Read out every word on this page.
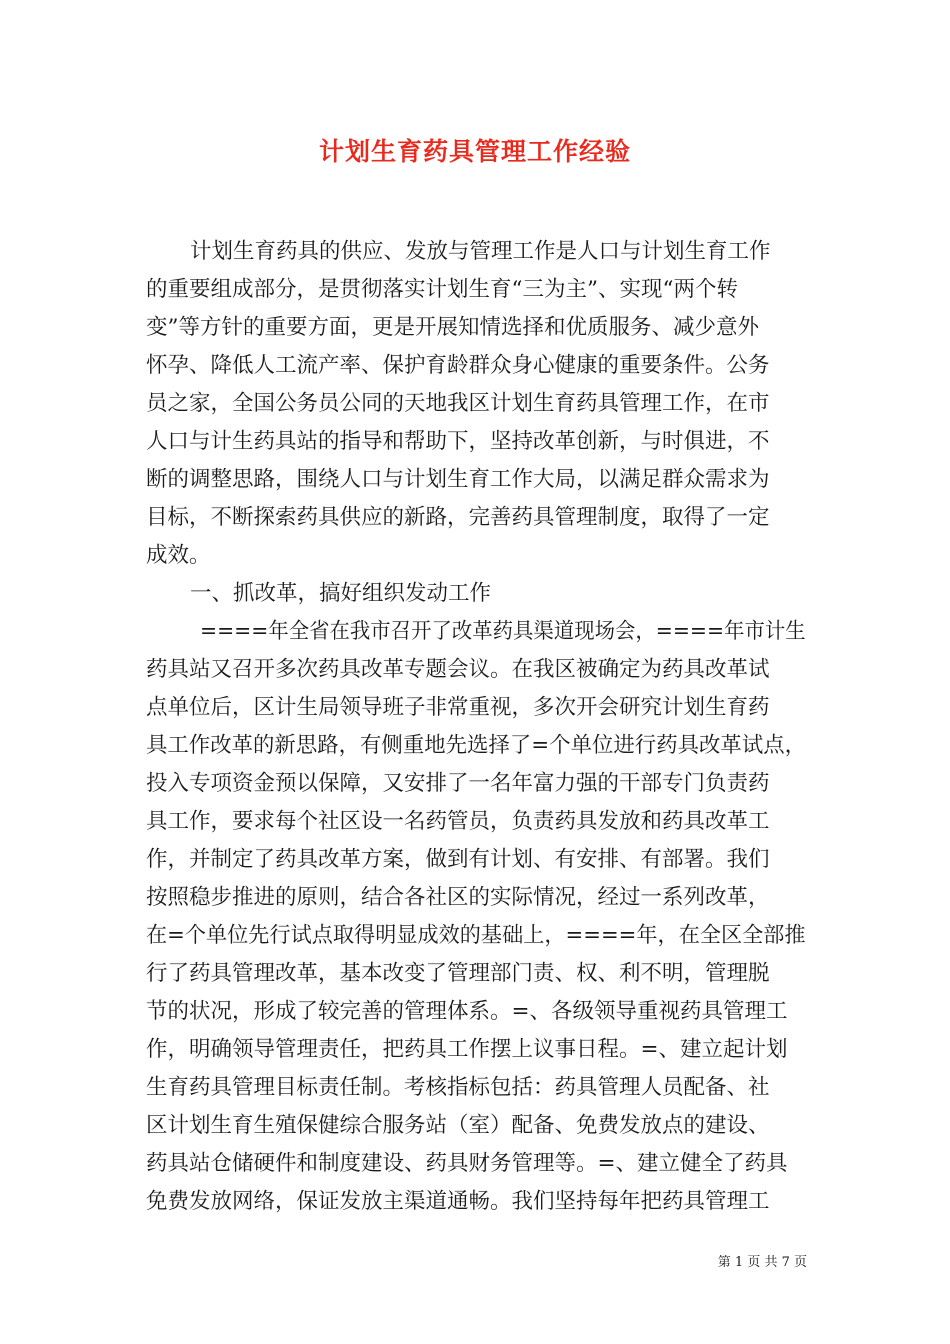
计划生育药具管理工作经验
计划生育药具的供应、发放与管理工作是人口与计划生育工作
的重要组成部分，是贯彻落实计划生育“三为主”、实现“两个转
变”等方针的重要方面，更是开展知情选择和优质服务、减少意外
怀孕、降低人工流产率、保护育龄群众身心健康的重要条件。公务
员之家，全国公务员公同的天地我区计划生育药具管理工作，在市
人口与计生药具站的指导和帮助下，坚持改革创新，与时俱进，不
断的调整思路，围绕人口与计划生育工作大局，以满足群众需求为
目标，不断探索药具供应的新路，完善药具管理制度，取得了一定
成效。
一、抓改革，搞好组织发动工作
====年全省在我市召开了改革药具渠道现场会，====年市计生
药具站又召开多次药具改革专题会议。在我区被确定为药具改革试
点单位后，区计生局领导班子非常重视，多次开会研究计划生育药
具工作改革的新思路，有侧重地先选择了=个单位进行药具改革试点，
投入专项资金预以保障，又安排了一名年富力强的干部专门负责药
具工作，要求每个社区设一名药管员，负责药具发放和药具改革工
作，并制定了药具改革方案，做到有计划、有安排、有部署。我们
按照稳步推进的原则，结合各社区的实际情况，经过一系列改革，
在=个单位先行试点取得明显成效的基础上，====年，在全区全部推
行了药具管理改革，基本改变了管理部门责、权、利不明，管理脱
节的状况，形成了较完善的管理体系。=、各级领导重视药具管理工
作，明确领导管理责任，把药具工作摆上议事日程。=、建立起计划
生育药具管理目标责任制。考核指标包括：药具管理人员配备、社
区计划生育生殖保健综合服务站（室）配备、免费发放点的建设、
药具站仓储硬件和制度建设、药具财务管理等。=、建立健全了药具
免费发放网络，保证发放主渠道通畅。我们坚持每年把药具管理工
第 1 页 共 7 页
